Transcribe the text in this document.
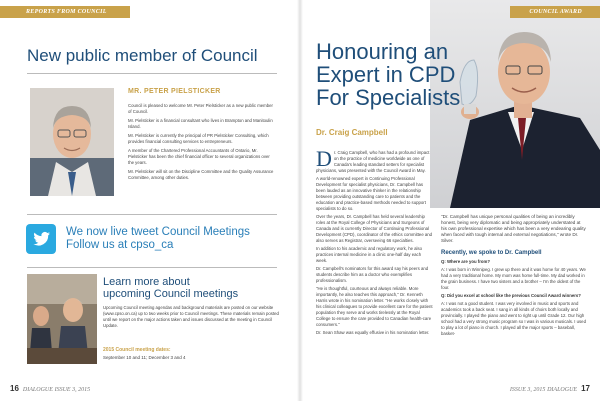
REPORTS FROM COUNCIL
New public member of Council
MR. PETER PIELSTICKER

Council is pleased to welcome Mr. Peter Pielsticker as a new public member of Council.

Mr. Pielsticker is a financial consultant who lives in Brampton and Manitoulin Island.

Mr. Pielsticker is currently the principal of PR Pielsticker Consulting, which provides financial consulting services to entrepreneurs.

A member of the Chartered Professional Accountants of Ontario, Mr. Pielsticker has been the chief financial officer to several organizations over the years.

Mr. Pielsticker will sit on the Discipline Committee and the Quality Assurance Committee, among other duties.

We now live tweet Council Meetings
Follow us at cpso_ca
Learn more about
upcoming Council meetings
Upcoming Council meeting agendas and background materials are posted on our website (www.cpso.on.ca) up to two weeks prior to Council meetings. These materials remain posted until we report on the major actions taken and issues discussed at the meeting in Council Update.
2015 Council meeting dates:
September 10 and 11; December 3 and 4
16 DIALOGUE ISSUE 3, 2015
COUNCIL AWARD
Honouring an Expert in CPD For Specialists
Dr. Craig Campbell
D r. Craig Campbell, who has had a profound impact on the practice of medicine worldwide as one of Canada's leading standard setters for specialist physicians, was presented with the Council Award in May.

A world-renowned expert in Continuing Professional Development for specialist physicians, Dr. Campbell has been lauded as an innovative thinker in the relationship between providing outstanding care to patients and the education and practice-based methods needed to support specialists to do so.

Over the years, Dr. Campbell has held several leadership roles at the Royal College of Physicians and Surgeons of Canada and is currently Director of Continuing Professional Development (CPD), coordinator of the ethics committee and also serves as Registrar, overseeing 66 specialties.

In addition to his academic and regulatory work, he also practices internal medicine in a clinic one-half day each week.

Dr. Campbell's nominators for this award say his peers and students describe him as a doctor who exemplifies professionalism.

"He is thoughtful, courteous and always reliable. More importantly, he also teaches this approach," Dr. Kenneth Harris wrote in his nomination letter. "He works closely with his clinical colleagues to provide excellent care for the patient population they serve and works tirelessly at the Royal College to ensure the care provided to Canadian health-care consumers."

Dr. Sean Shaw was equally effusive in his nomination letter.

"Dr. Campbell has unique personal qualities of being an incredibly honest, being very diplomatic and being appropriately understated at his own professional expertise which has been a very endearing quality when faced with tough internal and external negotiations," wrote Dr. Silver.
Recently, we spoke to Dr. Campbell

Q: Where are you from?

A: I was born in Winnipeg. I grew up there and it was home for 40 years. We had a very traditional home. My mom was home full-time. My dad worked in the grain business. I have two sisters and a brother – I'm the oldest of the four.

Q: Did you excel at school like the previous Council Award winners?

A: I was not a good student. I was very involved in music and sports and academics took a back seat. I sang in all kinds of choirs both locally and provincially. I played the piano and went to right up until Grade 12. Our high school had a very strong music program so I was in various musicals. I used to play a lot of piano in church. I played all the major sports – baseball, basket-

ISSUE 3, 2015 DIALOGUE 17
